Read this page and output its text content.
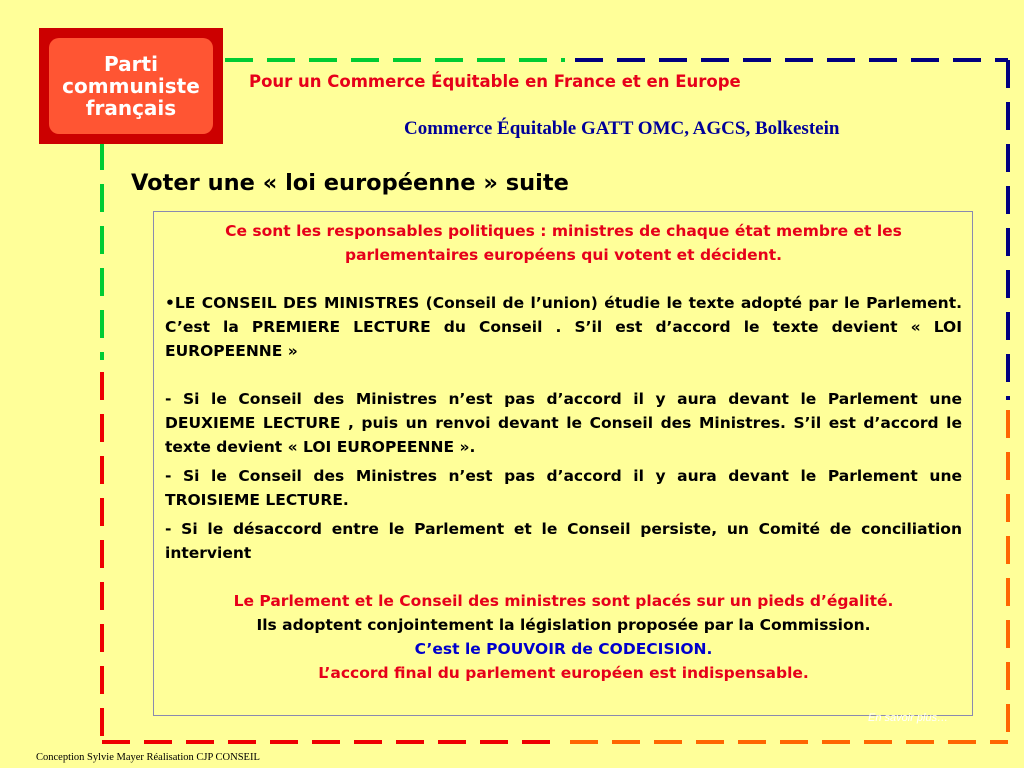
Parti
communiste
français
Pour un Commerce Équitable en France et en Europe
Commerce Équitable GATT OMC, AGCS, Bolkestein
Voter une « loi européenne » suite

Ce sont les responsables politiques : ministres de chaque état membre et les parlementaires européens qui votent et décident.

•LE CONSEIL DES MINISTRES (Conseil de l’union) étudie le texte adopté par le Parlement. C’est la PREMIERE LECTURE du Conseil . S’il est d’accord le texte devient « LOI EUROPEENNE »

- Si le Conseil des Ministres n’est pas d’accord il y aura devant le Parlement une DEUXIEME LECTURE , puis un renvoi devant le Conseil des Ministres. S’il est d’accord le texte devient « LOI EUROPEENNE ».

- Si le Conseil des Ministres n’est pas d’accord il y aura devant le Parlement une TROISIEME LECTURE.

- Si le désaccord entre le Parlement et le Conseil persiste, un Comité de conciliation intervient

Le Parlement et le Conseil des ministres sont placés sur un pieds d’égalité.

Ils adoptent conjointement la législation proposée par la Commission.

C’est le POUVOIR de CODECISION.

L’accord final du parlement européen est indispensable.

En savoir plus…
Conception Sylvie Mayer Réalisation CJP CONSEIL
